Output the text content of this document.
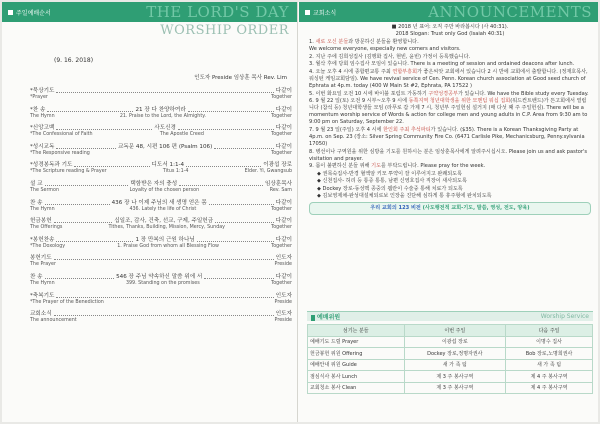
주일예배순서	THE LORD'S DAY
WORSHIP ORDER
(9. 16. 2018)
인도자 Preside 임상훈 목사 Rev. Lim
*묵상기도	다같이
*Prayer	Together
*찬 송	21 장 다 찬양하여라	다같이
The Hymn	21. Praise to the Lord, the Almighty.	Together
*신앙고백	사도신경	다같이
*The Confessional of Faith	The Apostle Creed	Together
*성시교독	교독문 48, 시편 106 편 (Psalm 106)	다같이
*The Responsive reading	Together
*성경봉독과 기도	디도서 1:1-4	이광섭 장로
*The Scripture reading & Prayer	Titus 1:1-4	Elder. Yi, Gwangsub
설 교	택함받은 자의 충성	임상훈목사
The Sermon	Loyalty of the chosen person	Rev. Sam
찬 송	436 장 나 이제 주님의 새 생명 얻은 몸	다같이
The Hymn	436. Lately the life of Christ	Together
헌금봉헌	십일조, 감사, 건축, 선교, 구제, 주일헌금	다같이
The Offerings	Tithes, Thanks, Building, Mission, Mercy, Sunday	Together
*봉헌찬송	1 장 만복의 근원 하나님	다같이
*The Doxology	1. Praise God from whom all Blessing Flow	Together
봉헌기도	인도자
The Prayer	Preside
찬 송	546 장 주님 약속하신 말씀 위에 서	다같이
The Hymn	399. Standing on the promises	Together
*축복기도	인도자
*The Prayer of the Benediction	Preside
교회소식	인도자
The announcement	Preside
교회소식	ANNOUNCEMENTS

■ 2018 년 표어: 오직 주만 바라봅시다 (사 40:31).

2018 Slogan: Trust only God (Isaiah 40:31)

1. 새로 오신 분들과 방문하신 분들을 환영합니다.

We welcome everyone, especially new comers and visitors.

2. 지난 주에 김희성집사 (김행화 집사, 현빈, 윤빈) 가정이 등록했습니다.

3. 월삭 후에 당회 임수집사 모임이 있습니다. There is a meeting of session and ordained deacons after lunch.

4. 오늘 오후 4 시에 종합편교통 주최 연합부흥회가 좋은씨앗 교회에서 있습니다 2 시 반에 교회에서 출발합니다. (정재호목사, 워싱턴 케임교회담임). We have revival service of Cen. Penn. Korean church association at Good seed church of Ephrata at 4p.m. today (400 W Main St #2, Ephrata, PA 17522 )

5. 이번 화요일 오전 10 시에 바이블 포럼트 가동하기 구약성경공부가 있습니다. We have the Bible study every Tuesday.

6. 9 월 22 일(토) 오전 9 시부~오후 9 시에 동쪽지역 청년대학생을 위한 모멘텀 워십 집회(워드컨트밴드)가 뜬고회에서 열립니다 (참석 등) 청년대학생들 모임 (라푸로 갑 가제 7 시, 청년부 주일헌심 설거지 (매 다섯 째 주 주일헌심). There will be a momentum worship service of Words & action for college men and young adults in C.P. Area from 9:30 am to 9:00 pm on Saturday, September 22.

7. 9 월 23 일(주일) 오후 4 시에 한인회 주최 추석파티가 있습니다. ($35). There is a Korean Thanksgiving Party at 4p.m. on Sep. 23 (장소: Silver Spring Community Fire Co. (6471 Carlisle Pike, Mechanicsburg, Penny.sylvania 17050)

8. 병선이나 구역원을 위한 심방을 기도를 원하시는 분은 임상훈목사에게 알려주시십시오. Please join us and ask pastor's visitation and prayer.

9. 몸이 불편하신 분들 위해 기도를 부탁드립니다. Please pray for the week.

◆ 권목숙집사-반경 혈액암 키모 투약이 잘 이루어지고 완쾌되도록

◆ 신천집사- 허리 등 통증 통통, 남편 신영호집사 직장이 새사되도록

◆ Dockey 장로-동성맥 종중의 웹란이 수술중 통해 치료가 되도록

◆ 김보영제채-완성대설체되로보 인장을 진단해 심하게 통 휴주형에 완치되도록

우리 교회의 123 비전 (사도행전적 교회-기도, 말씀, 영성, 전도, 양육)

예배위원	Worship Service
섬기는 분들	이번 주일	다음 주일
예배기도 드릴 Prayer	이광섭 장로	이명수 집사
헌금봉헌 위원 Offering	Dockey 장로,정명자권사	Bob 장로,노명희권사
예배안내 위원 Guide	새 가 족 팀	새 가 족 팀
점심식사 봉사 Lunch	제 3 주 봉사구역	제 4 주 봉사구역
교회청소 봉사 Clean	제 3 주 봉사구역	제 4 주 봉사구역
